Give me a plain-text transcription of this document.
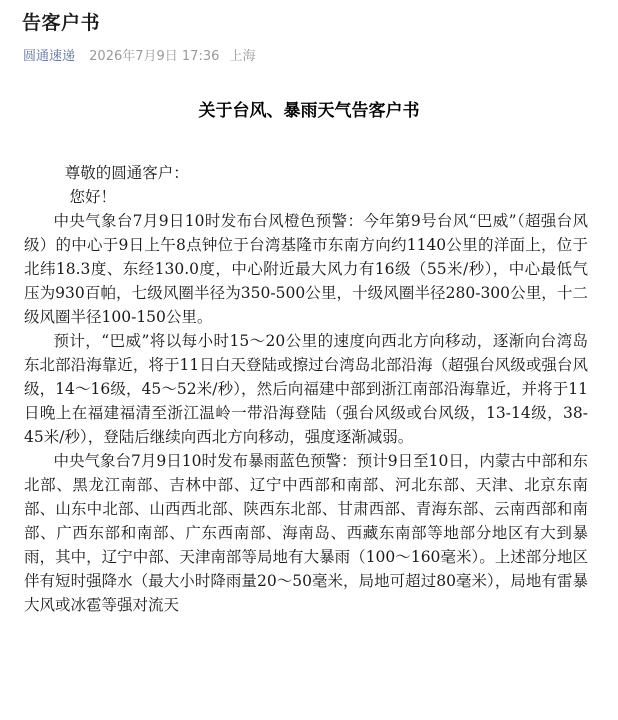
告客户书
圆通速递 2026年7月9日 17:36 上海
关于台风、暴雨天气告客户书

尊敬的圆通客户：

您好！

中央气象台7月9日10时发布台风橙色预警：今年第9号台风“巴威”（超强台风级）的中心于9日上午8点钟位于台湾基隆市东南方向约1140公里的洋面上，位于北纬18.3度、东经130.0度，中心附近最大风力有16级（55米/秒），中心最低气压为930百帕，七级风圈半径为350-500公里，十级风圈半径280-300公里，十二级风圈半径100-150公里。

预计，“巴威”将以每小时15～20公里的速度向西北方向移动，逐渐向台湾岛东北部沿海靠近，将于11日白天登陆或擦过台湾岛北部沿海（超强台风级或强台风级，14～16级，45～52米/秒），然后向福建中部到浙江南部沿海靠近，并将于11日晚上在福建福清至浙江温岭一带沿海登陆（强台风级或台风级，13-14级，38-45米/秒），登陆后继续向西北方向移动，强度逐渐减弱。

中央气象台7月9日10时发布暴雨蓝色预警：预计9日至10日，内蒙古中部和东北部、黑龙江南部、吉林中部、辽宁中西部和南部、河北东部、天津、北京东南部、山东中北部、山西西北部、陕西东北部、甘肃西部、青海东部、云南西部和南部、广西东部和南部、广东西南部、海南岛、西藏东南部等地部分地区有大到暴雨，其中，辽宁中部、天津南部等局地有大暴雨（100～160毫米）。上述部分地区伴有短时强降水（最大小时降雨量20～50毫米，局地可超过80毫米），局地有雷暴大风或冰雹等强对流天
